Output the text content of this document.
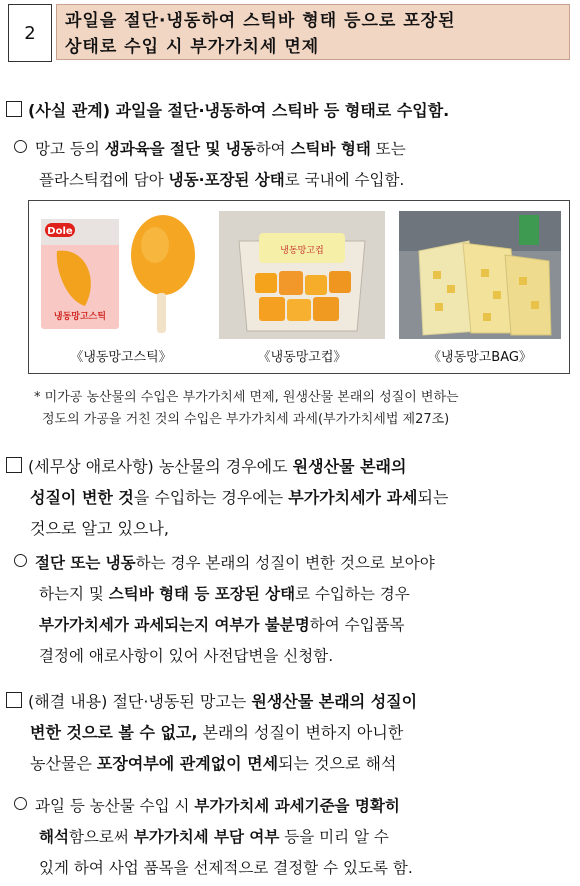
2
과일을 절단·냉동하여 스틱바 형태 등으로 포장된
상태로 수입 시 부가가치세 면제
(사실 관계) 과일을 절단·냉동하여 스틱바 등 형태로 수입함.
망고 등의 생과육을 절단 및 냉동하여 스틱바 형태 또는
플라스틱컵에 담아 냉동·포장된 상태로 국내에 수입함.
Dole
냉동망고스틱
냉동망고컵
《냉동망고스틱》	《냉동망고컵》	《냉동망고BAG》
* 미가공 농산물의 수입은 부가가치세 면제, 원생산물 본래의 성질이 변하는
정도의 가공을 거친 것의 수입은 부가가치세 과세(부가가치세법 제27조)
(세무상 애로사항) 농산물의 경우에도 원생산물 본래의
성질이 변한 것을 수입하는 경우에는 부가가치세가 과세되는
것으로 알고 있으나,
절단 또는 냉동하는 경우 본래의 성질이 변한 것으로 보아야
하는지 및 스틱바 형태 등 포장된 상태로 수입하는 경우
부가가치세가 과세되는지 여부가 불분명하여 수입품목
결정에 애로사항이 있어 사전답변을 신청함.
(해결 내용) 절단·냉동된 망고는 원생산물 본래의 성질이
변한 것으로 볼 수 없고, 본래의 성질이 변하지 아니한
농산물은 포장여부에 관계없이 면세되는 것으로 해석
과일 등 농산물 수입 시 부가가치세 과세기준을 명확히
해석함으로써 부가가치세 부담 여부 등을 미리 알 수
있게 하여 사업 품목을 선제적으로 결정할 수 있도록 함.
